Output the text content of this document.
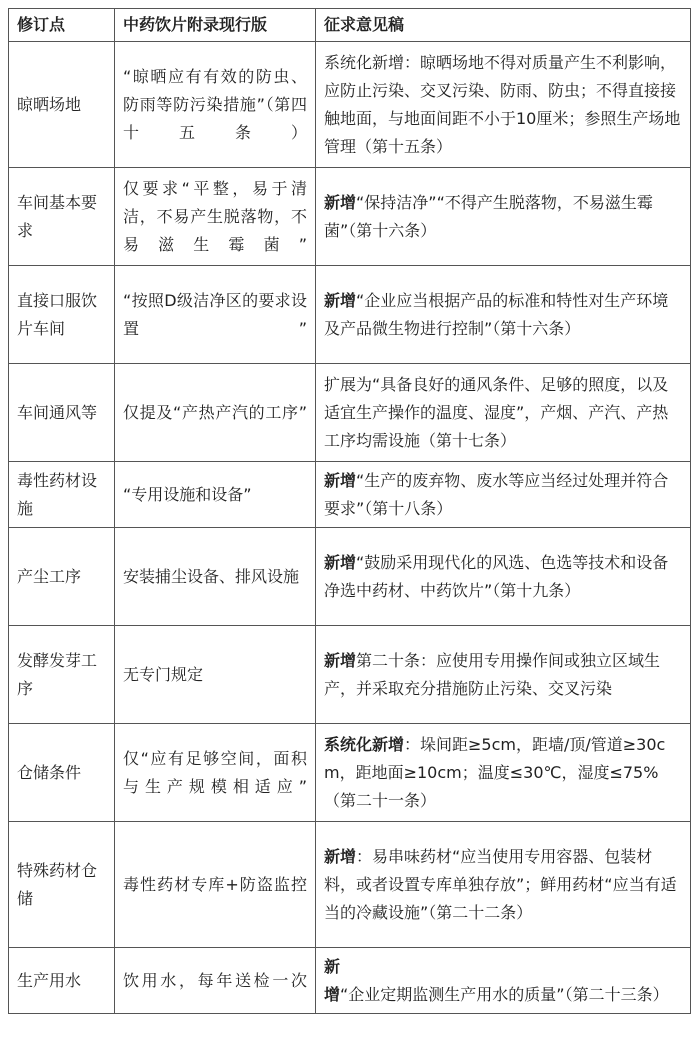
修订点	中药饮片附录现行版	征求意见稿
晾晒场地	“晾晒应有有效的防虫、防雨等防污染措施”（第四十五条）	系统化新增：晾晒场地不得对质量产生不利影响，应防止污染、交叉污染、防雨、防虫；不得直接接触地面，与地面间距不小于10厘米；参照生产场地管理（第十五条）
车间基本要求	仅要求“平整，易于清洁，不易产生脱落物，不易滋生霉菌”	新增“保持洁净”“不得产生脱落物，不易滋生霉菌”（第十六条）
直接口服饮片车间	“按照D级洁净区的要求设置”	新增“企业应当根据产品的标准和特性对生产环境及产品微生物进行控制”（第十六条）
车间通风等	仅提及“产热产汽的工序”	扩展为“具备良好的通风条件、足够的照度，以及适宜生产操作的温度、湿度”，产烟、产汽、产热工序均需设施（第十七条）
毒性药材设施	“专用设施和设备”	新增“生产的废弃物、废水等应当经过处理并符合要求”（第十八条）
产尘工序	安装捕尘设备、排风设施	新增“鼓励采用现代化的风选、色选等技术和设备净选中药材、中药饮片”（第十九条）
发酵发芽工序	无专门规定	新增第二十条：应使用专用操作间或独立区域生产，并采取充分措施防止污染、交叉污染
仓储条件	仅“应有足够空间，面积与生产规模相适应”	系统化新增：垛间距≥5cm，距墙/顶/管道≥30cm，距地面≥10cm；温度≤30℃，湿度≤75%（第二十一条）
特殊药材仓储	毒性药材专库+防盗监控	新增：易串味药材“应当使用专用容器、包装材料，或者设置专库单独存放”；鲜用药材“应当有适当的冷藏设施”（第二十二条）
生产用水	饮用水，每年送检一次	新增“企业定期监测生产用水的质量”（第二十三条）
